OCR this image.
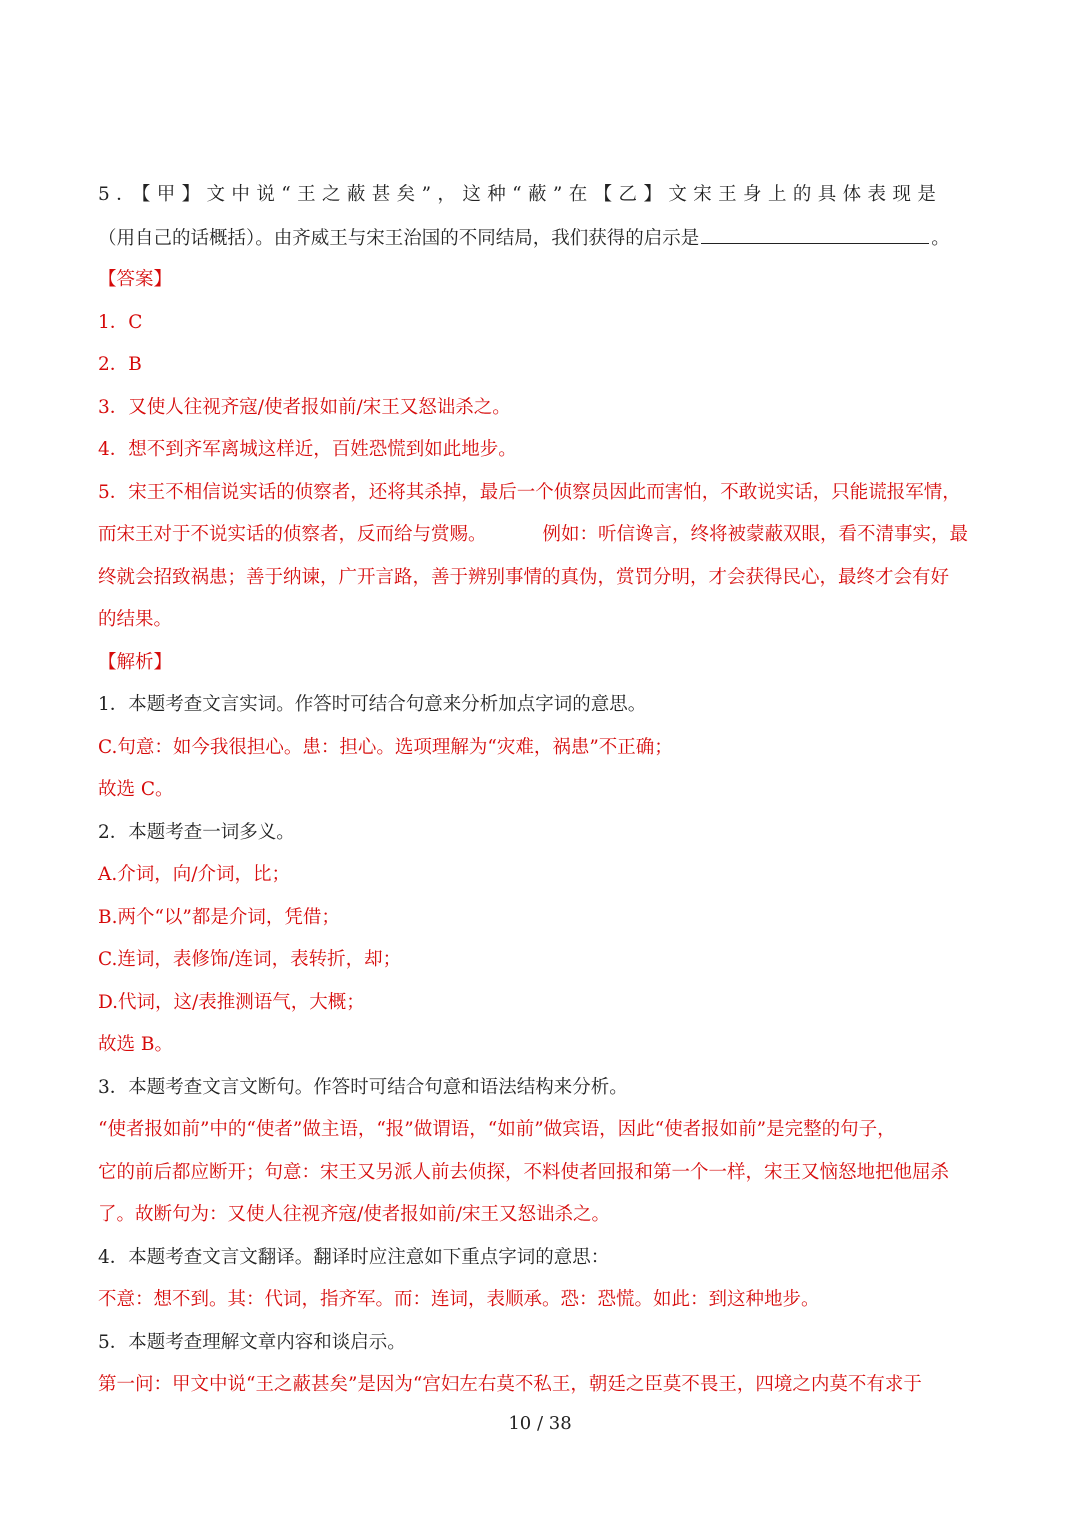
5．【甲】文中说“王之蔽甚矣”，这种“蔽”在【乙】文宋王身上的具体表现是
（用自己的话概括）。由齐威王与宋王治国的不同结局，我们获得的启示是	。
【答案】
1．C
2．B
3．又使人往视齐寇/使者报如前/宋王又怒诎杀之。
4．想不到齐军离城这样近，百姓恐慌到如此地步。
5．宋王不相信说实话的侦察者，还将其杀掉，最后一个侦察员因此而害怕，不敢说实话，只能谎报军情，
而宋王对于不说实话的侦察者，反而给与赏赐。	例如：听信谗言，终将被蒙蔽双眼，看不清事实，最
终就会招致祸患；善于纳谏，广开言路，善于辨别事情的真伪，赏罚分明，才会获得民心，最终才会有好
的结果。
【解析】
1．本题考查文言实词。作答时可结合句意来分析加点字词的意思。
C.句意：如今我很担心。患：担心。选项理解为“灾难，祸患”不正确；
故选 C。
2．本题考查一词多义。
A.介词，向/介词，比；
B.两个“以”都是介词，凭借；
C.连词，表修饰/连词，表转折，却；
D.代词，这/表推测语气，大概；
故选 B。
3．本题考查文言文断句。作答时可结合句意和语法结构来分析。
“使者报如前”中的“使者”做主语，“报”做谓语，“如前”做宾语，因此“使者报如前”是完整的句子，
它的前后都应断开；句意：宋王又另派人前去侦探，不料使者回报和第一个一样，宋王又恼怒地把他屈杀
了。故断句为：又使人往视齐寇/使者报如前/宋王又怒诎杀之。
4．本题考查文言文翻译。翻译时应注意如下重点字词的意思：
不意：想不到。其：代词，指齐军。而：连词，表顺承。恐：恐慌。如此：到这种地步。
5．本题考查理解文章内容和谈启示。
第一问：甲文中说“王之蔽甚矣”是因为“宫妇左右莫不私王，朝廷之臣莫不畏王，四境之内莫不有求于
10 / 38
